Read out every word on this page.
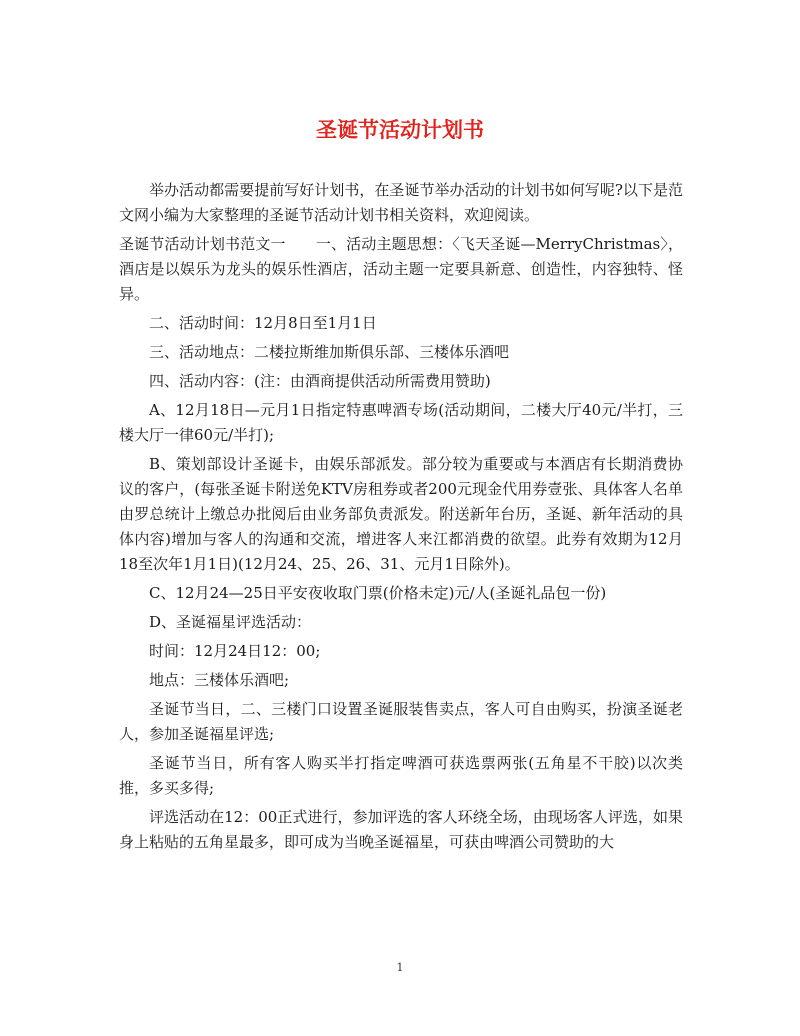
圣诞节活动计划书

举办活动都需要提前写好计划书，在圣诞节举办活动的计划书如何写呢?以下是范文网小编为大家整理的圣诞节活动计划书相关资料，欢迎阅读。

圣诞节活动计划书范文一　　一、活动主题思想：〈飞天圣诞—MerryChristmas〉，酒店是以娱乐为龙头的娱乐性酒店，活动主题一定要具新意、创造性，内容独特、怪异。

二、活动时间：12月8日至1月1日

三、活动地点：二楼拉斯维加斯俱乐部、三楼体乐酒吧

四、活动内容：(注：由酒商提供活动所需费用赞助)

A、12月18日—元月1日指定特惠啤酒专场(活动期间，二楼大厅40元/半打，三楼大厅一律60元/半打);

B、策划部设计圣诞卡，由娱乐部派发。部分较为重要或与本酒店有长期消费协议的客户，(每张圣诞卡附送免KTV房租券或者200元现金代用券壹张、具体客人名单由罗总统计上缴总办批阅后由业务部负责派发。附送新年台历，圣诞、新年活动的具体内容)增加与客人的沟通和交流，增进客人来江都消费的欲望。此券有效期为12月18至次年1月1日)(12月24、25、26、31、元月1日除外)。

C、12月24—25日平安夜收取门票(价格未定)元/人(圣诞礼品包一份)

D、圣诞福星评选活动：

时间：12月24日12：00;

地点：三楼体乐酒吧;

圣诞节当日，二、三楼门口设置圣诞服装售卖点，客人可自由购买，扮演圣诞老人，参加圣诞福星评选;

圣诞节当日，所有客人购买半打指定啤酒可获选票两张(五角星不干胶)以次类推，多买多得;

评选活动在12：00正式进行，参加评选的客人环绕全场，由现场客人评选，如果身上粘贴的五角星最多，即可成为当晚圣诞福星，可获由啤酒公司赞助的大

1
